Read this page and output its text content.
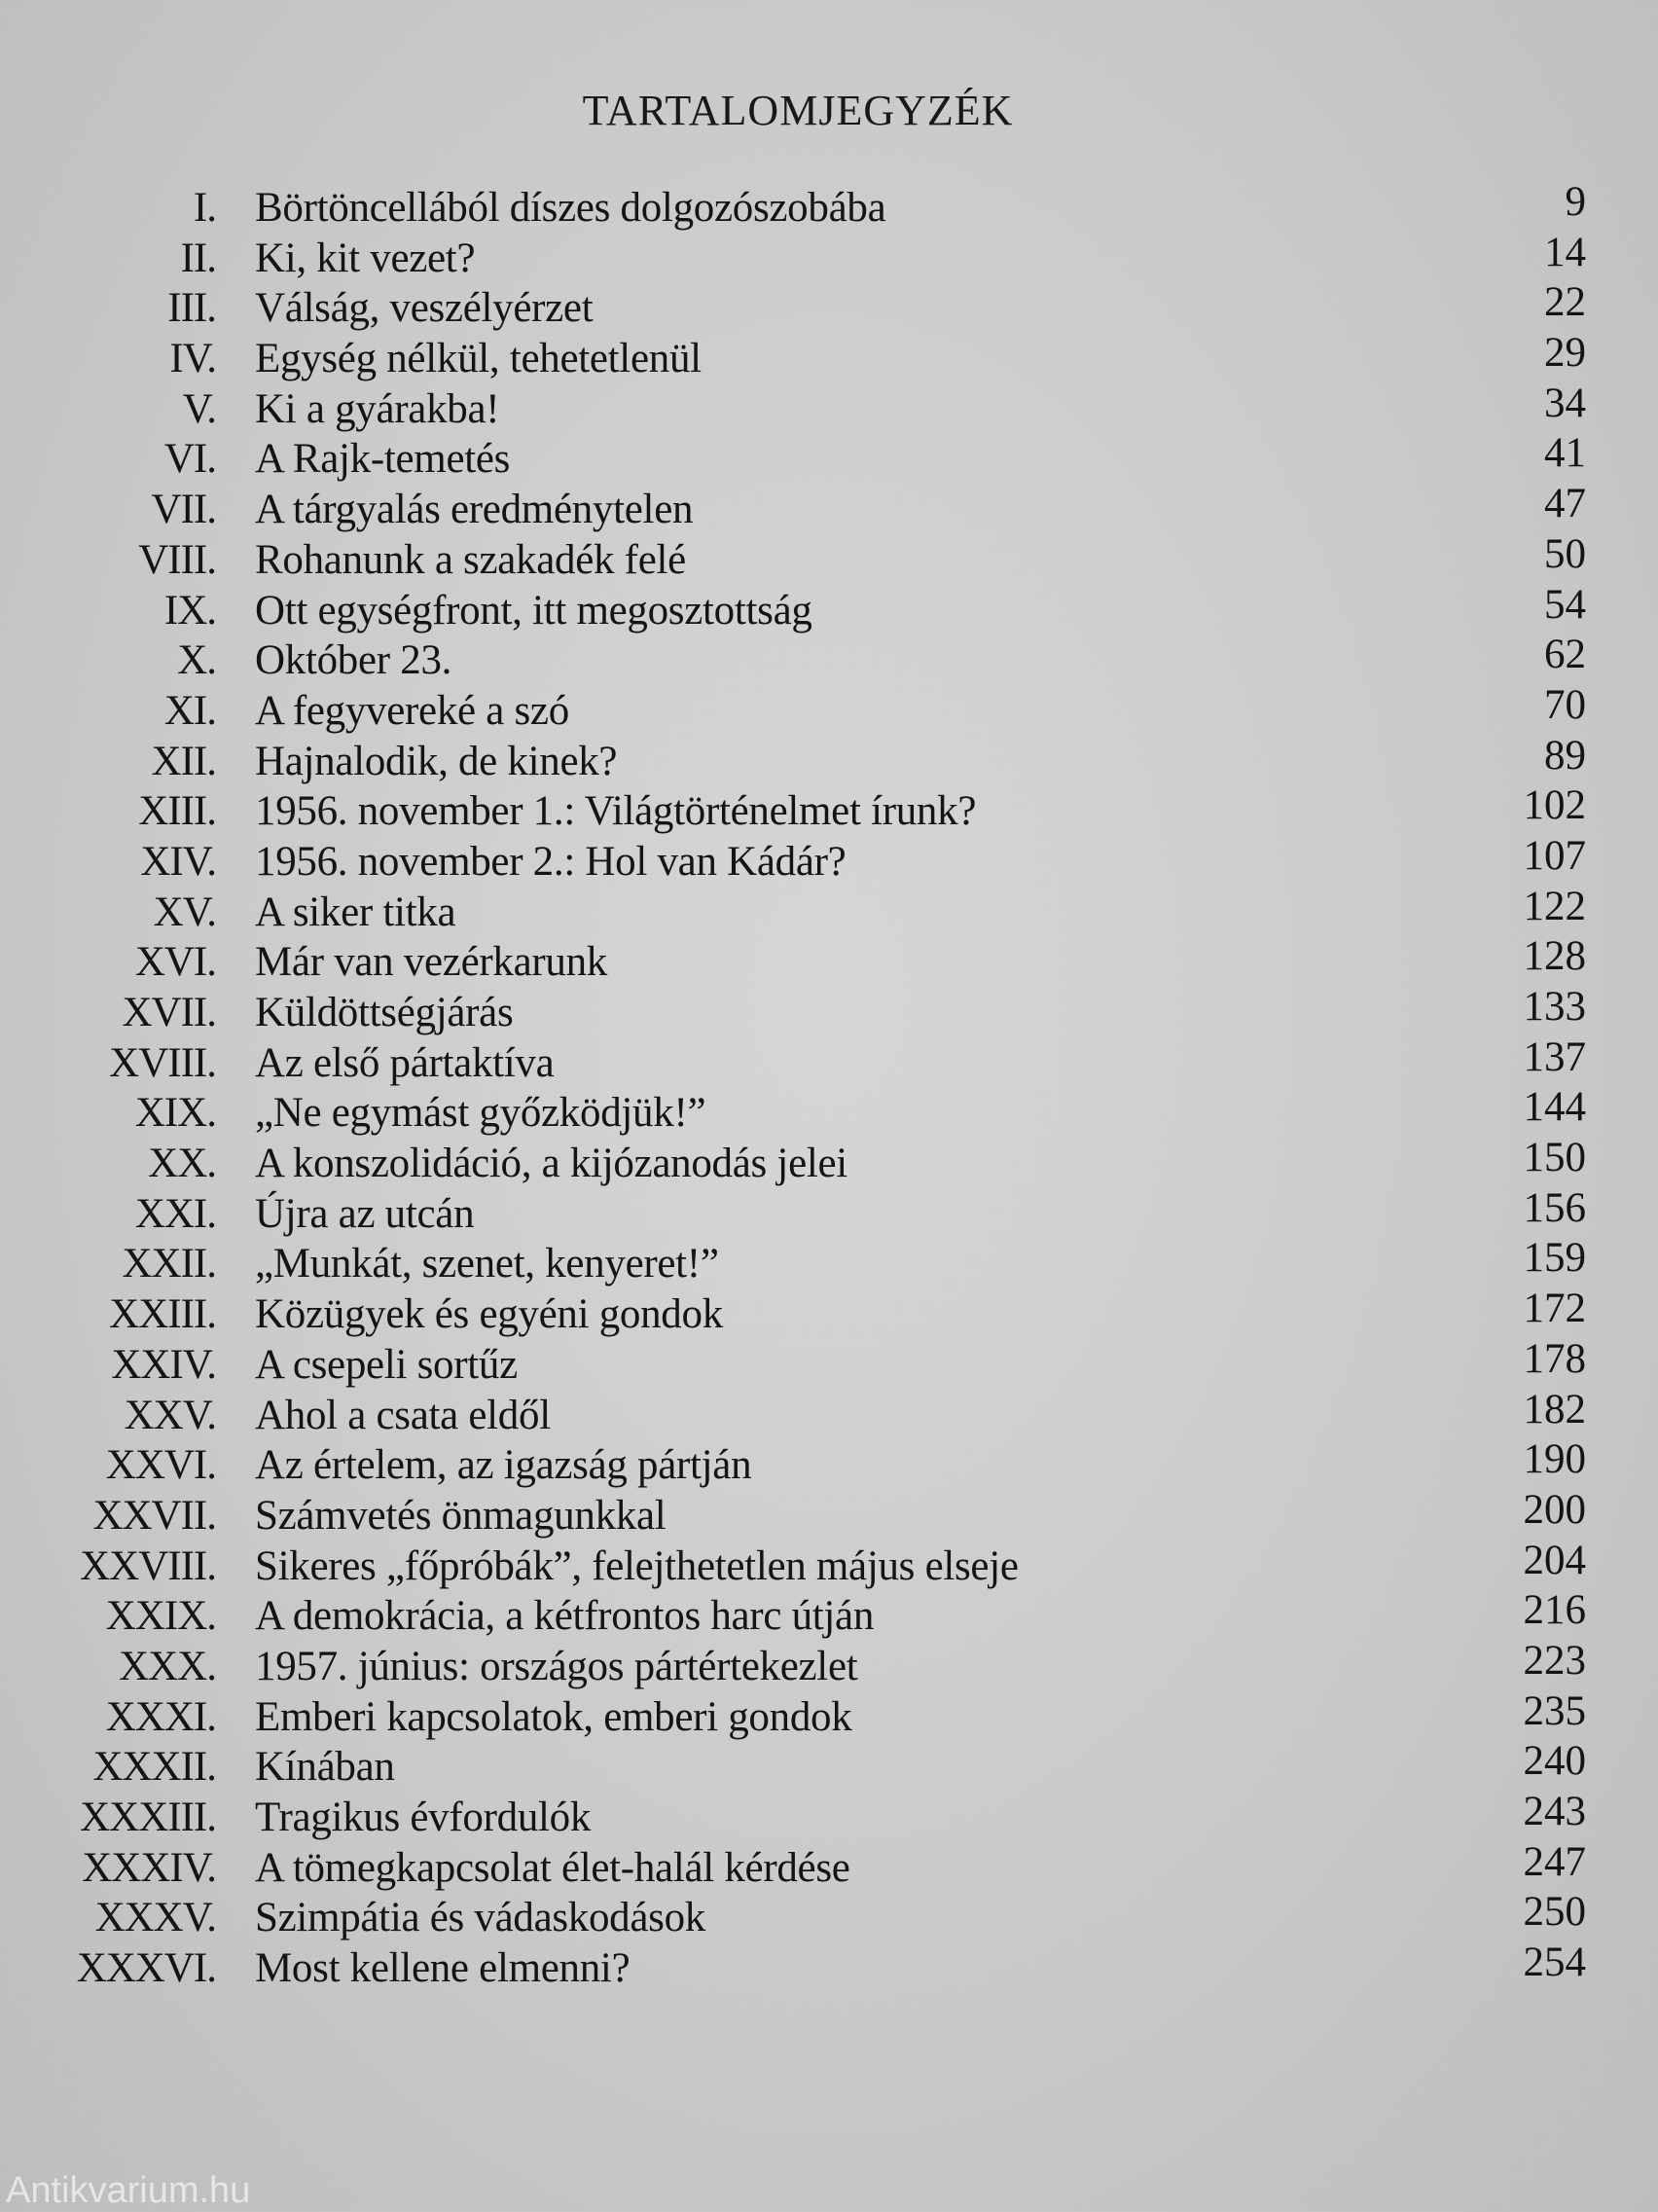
TARTALOMJEGYZÉK
I. Börtöncellából díszes dolgozószobába	9
II. Ki, kit vezet?	14
III. Válság, veszélyérzet	22
IV. Egység nélkül, tehetetlenül	29
V. Ki a gyárakba!	34
VI. A Rajk-temetés	41
VII. A tárgyalás eredménytelen	47
VIII. Rohanunk a szakadék felé	50
IX. Ott egységfront, itt megosztottság	54
X. Október 23.	62
XI. A fegyvereké a szó	70
XII. Hajnalodik, de kinek?	89
XIII. 1956. november 1.: Világtörténelmet írunk?	102
XIV. 1956. november 2.: Hol van Kádár?	107
XV. A siker titka	122
XVI. Már van vezérkarunk	128
XVII. Küldöttségjárás	133
XVIII. Az első pártaktíva	137
XIX. „Ne egymást győzködjük!”	144
XX. A konszolidáció, a kijózanodás jelei	150
XXI. Újra az utcán	156
XXII. „Munkát, szenet, kenyeret!”	159
XXIII. Közügyek és egyéni gondok	172
XXIV. A csepeli sortűz	178
XXV. Ahol a csata eldől	182
XXVI. Az értelem, az igazság pártján	190
XXVII. Számvetés önmagunkkal	200
XXVIII. Sikeres „főpróbák”, felejthetetlen május elseje	204
XXIX. A demokrácia, a kétfrontos harc útján	216
XXX. 1957. június: országos pártértekezlet	223
XXXI. Emberi kapcsolatok, emberi gondok	235
XXXII. Kínában	240
XXXIII. Tragikus évfordulók	243
XXXIV. A tömegkapcsolat élet-halál kérdése	247
XXXV. Szimpátia és vádaskodások	250
XXXVI. Most kellene elmenni?	254
Antikvarium.hu
